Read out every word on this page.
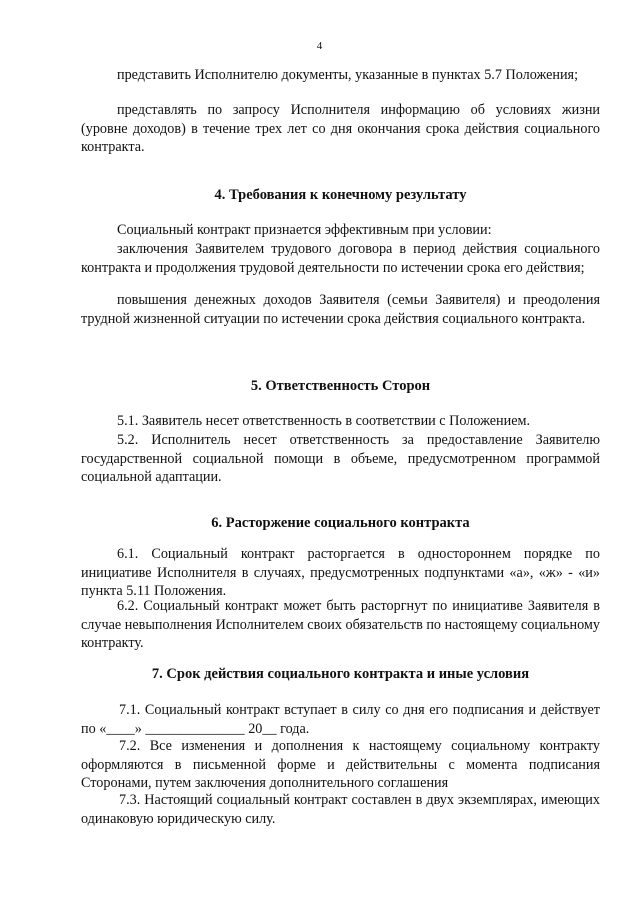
4

представить Исполнителю документы, указанные в пунктах 5.7 Положения;

представлять по запросу Исполнителя информацию об условиях жизни (уровне доходов) в течение трех лет со дня окончания срока действия социального контракта.

4. Требования к конечному результату

Социальный контракт признается эффективным при условии:

заключения Заявителем трудового договора в период действия социального контракта и продолжения трудовой деятельности по истечении срока его действия;

повышения денежных доходов Заявителя (семьи Заявителя) и преодоления трудной жизненной ситуации по истечении срока действия социального контракта.

5. Ответственность Сторон

5.1. Заявитель несет ответственность в соответствии с Положением.

5.2. Исполнитель несет ответственность за предоставление Заявителю государственной социальной помощи в объеме, предусмотренном программой социальной адаптации.

6. Расторжение социального контракта

6.1. Социальный контракт расторгается в одностороннем порядке по инициативе Исполнителя в случаях, предусмотренных подпунктами «а», «ж» - «и» пункта 5.11 Положения.

6.2. Социальный контракт может быть расторгнут по инициативе Заявителя в случае невыполнения Исполнителем своих обязательств по настоящему социальному контракту.

7. Срок действия социального контракта и иные условия

7.1. Социальный контракт вступает в силу со дня его подписания и действует по «____» ______________ 20__ года.

7.2. Все изменения и дополнения к настоящему социальному контракту оформляются в письменной форме и действительны с момента подписания Сторонами, путем заключения дополнительного соглашения

7.3. Настоящий социальный контракт составлен в двух экземплярах, имеющих одинаковую юридическую силу.
